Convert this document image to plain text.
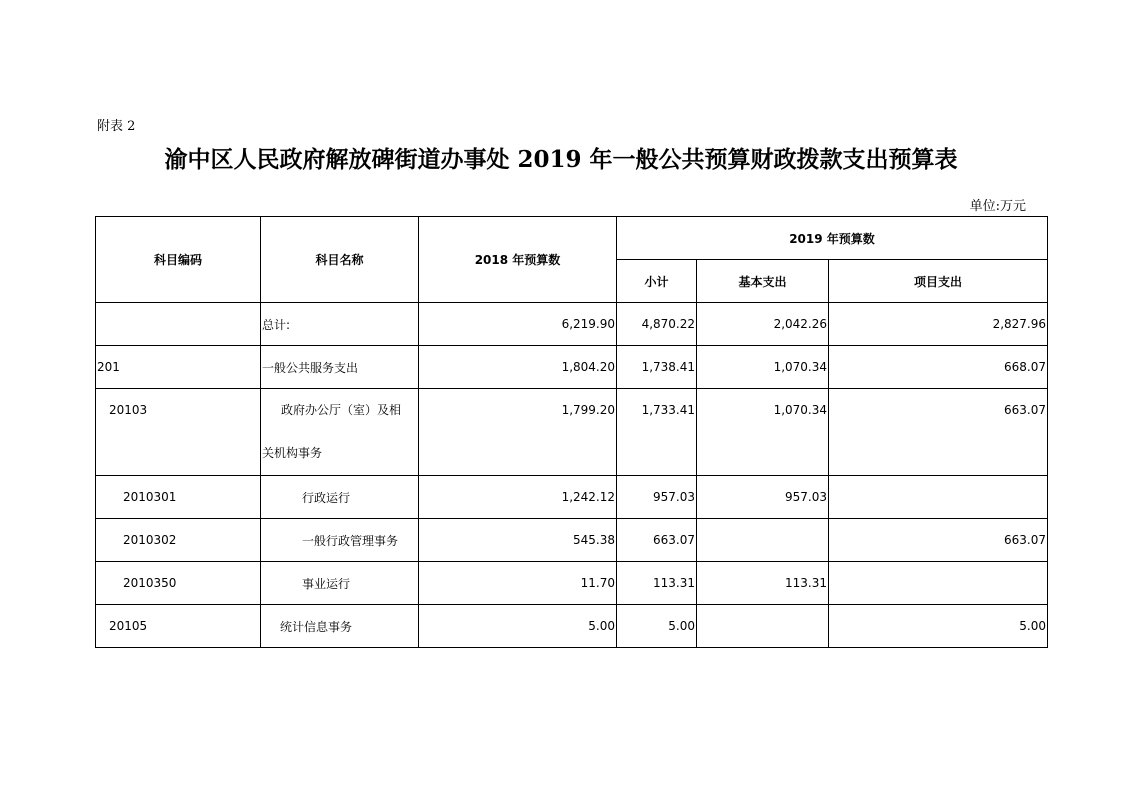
附表 2
渝中区人民政府解放碑街道办事处 2019 年一般公共预算财政拨款支出预算表
单位:万元
科目编码	科目名称	2018 年预算数	2019 年预算数		
			小计	基本支出	项目支出
	总计:	6,219.90	4,870.22	2,042.26	2,827.96
201	一般公共服务支出	1,804.20	1,738.41	1,070.34	668.07
20103	政府办公厅（室）及相
关机构事务	1,799.20	1,733.41	1,070.34	663.07
2010301	行政运行	1,242.12	957.03	957.03	
2010302	一般行政管理事务	545.38	663.07		663.07
2010350	事业运行	11.70	113.31	113.31	
20105	统计信息事务	5.00	5.00		5.00
